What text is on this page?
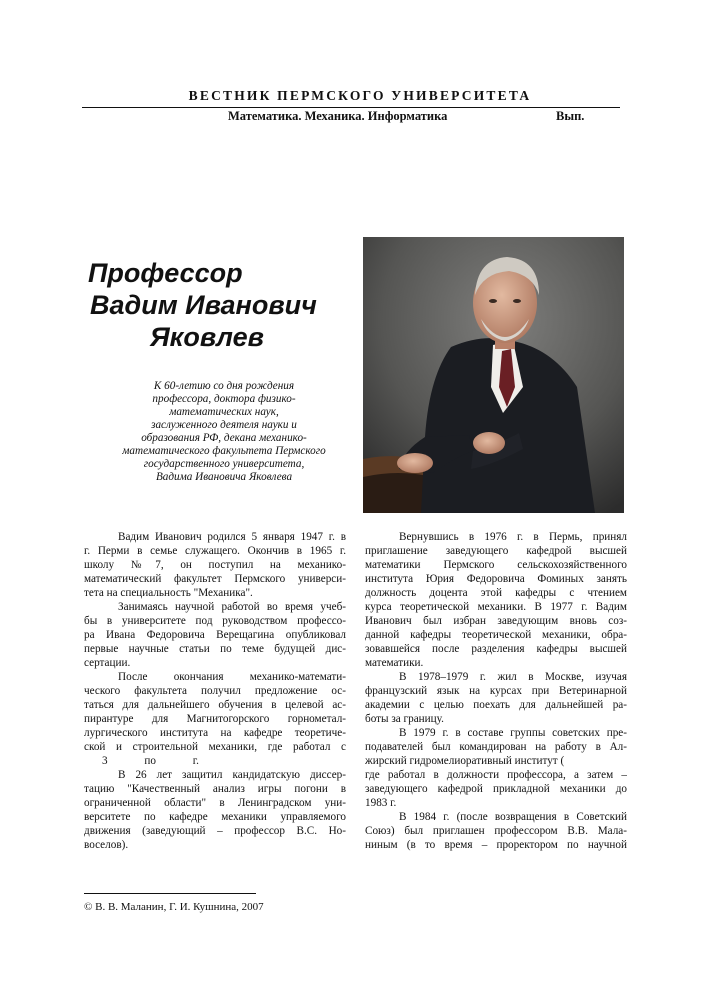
ВЕСТНИК ПЕРМСКОГО УНИВЕРСИТЕТА
Математика. Механика. Информатика	Вып.
Профессор
Вадим Иванович
Яковлев
К 60-летию со дня рождения
профессора, доктора физико-
математических наук,
заслуженного деятеля науки и
образования РФ, декана механико-
математического факультета Пермского
государственного университета,
Вадима Ивановича Яковлева
Вадим Иванович родился 5 января 1947 г. в
г. Перми в семье служащего. Окончив в 1965 г.
школу №7, он поступил на механико-
математический факультет Пермского универси-
тета на специальность "Механика".
Занимаясь научной работой во время учеб-
бы в университете под руководством профессо-
ра Ивана Федоровича Верещагина опубликовал
первые научные статьи по теме будущей дис-
сертации.
После окончания механико-математи-
ческого факультета получил предложение ос-
таться для дальнейшего обучения в целевой ас-
пирантуре для Магнитогорского горнометал-
лургического института на кафедре теоретиче-
ской и строительной механики, где работал с
3 по г.
В 26 лет защитил кандидатскую диссер-
тацию "Качественный анализ игры погони в
ограниченной области" в Ленинградском уни-
верситете по кафедре механики управляемого
движения (заведующий – профессор В.С. Но-
воселов).
Вернувшись в 1976 г. в Пермь, принял
приглашение заведующего кафедрой высшей
математики Пермского сельскохозяйственного
института Юрия Федоровича Фоминых занять
должность доцента этой кафедры с чтением
курса теоретической механики. В 1977 г. Вадим
Иванович был избран заведующим вновь соз-
данной кафедры теоретической механики, обра-
зовавшейся после разделения кафедры высшей
математики.
В 1978–1979 г. жил в Москве, изучая
французский язык на курсах при Ветеринарной
академии с целью поехать для дальнейшей ра-
боты за границу.
В 1979 г. в составе группы советских пре-
подавателей был командирован на работу в Ал-
жирский гидромелиоративный институт (
где работал в должности профессора, а затем –
заведующего кафедрой прикладной механики до
1983 г.
В 1984 г. (после возвращения в Советский
Союз) был приглашен профессором В.В. Мала-
ниным (в то время – проректором по научной
© В. В. Маланин, Г. И. Кушнина, 2007
